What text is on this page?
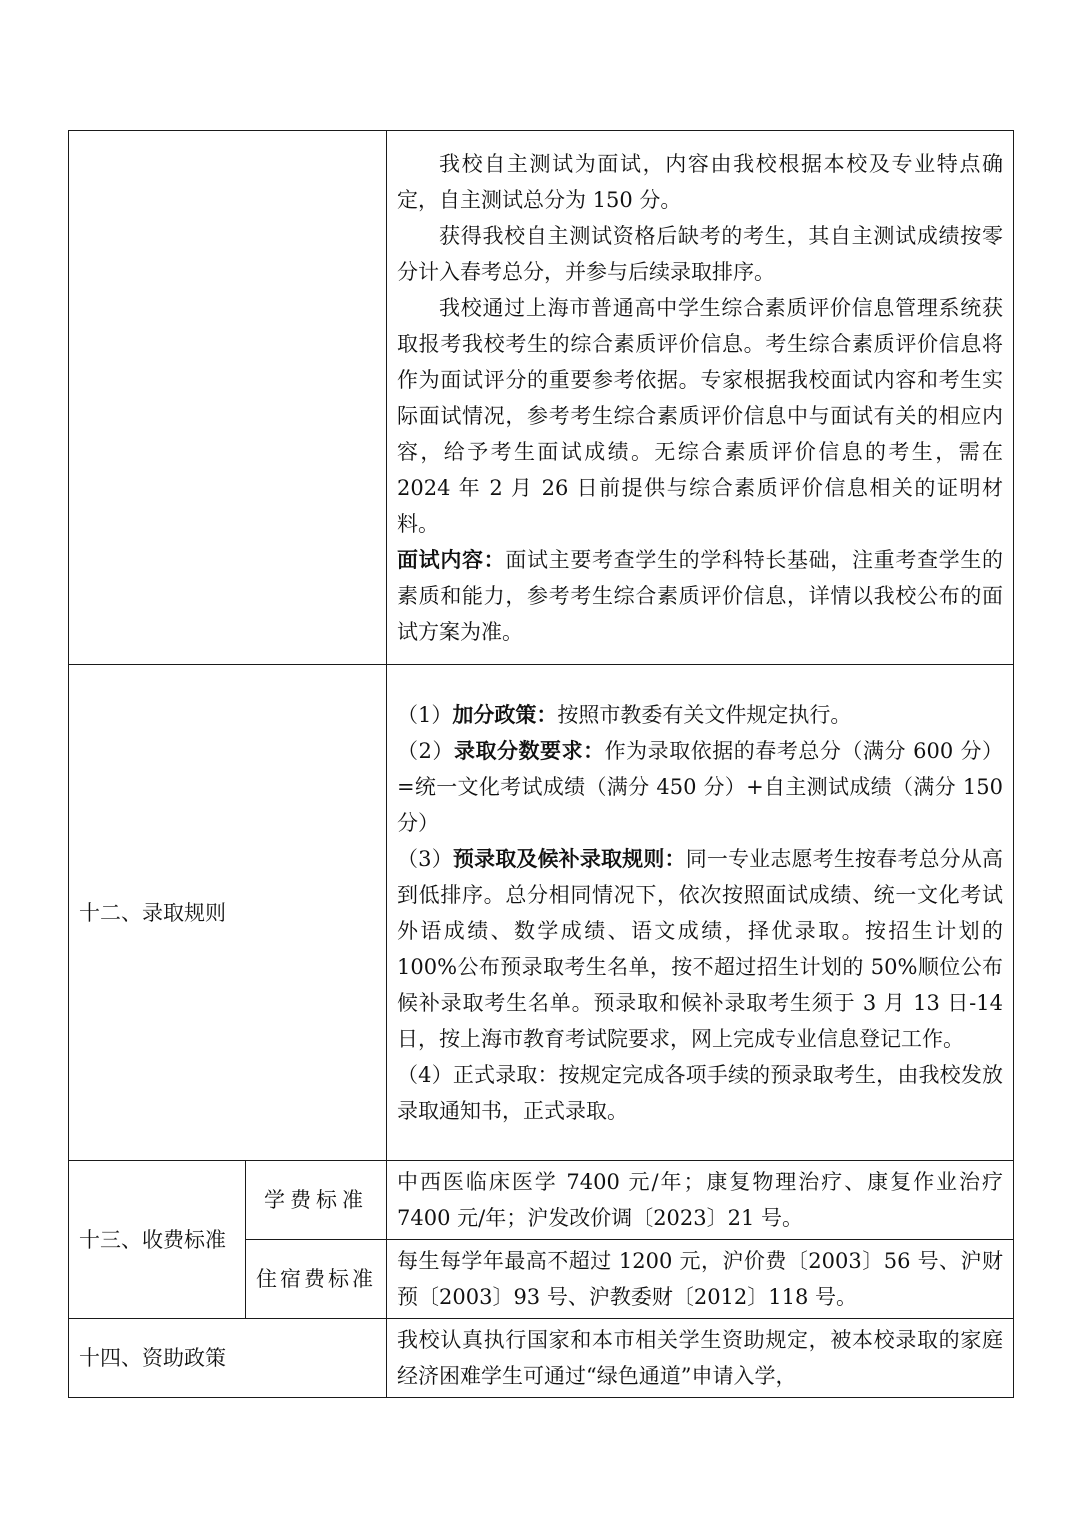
		我校自主测试为面试，内容由我校根据本校及专业特点确定，自主测试总分为 150 分。

获得我校自主测试资格后缺考的考生，其自主测试成绩按零分计入春考总分，并参与后续录取排序。

我校通过上海市普通高中学生综合素质评价信息管理系统获取报考我校考生的综合素质评价信息。考生综合素质评价信息将作为面试评分的重要参考依据。专家根据我校面试内容和考生实际面试情况，参考考生综合素质评价信息中与面试有关的相应内容，给予考生面试成绩。无综合素质评价信息的考生，需在 2024 年 2 月 26 日前提供与综合素质评价信息相关的证明材料。

面试内容：面试主要考查学生的学科特长基础，注重考查学生的素质和能力，参考考生综合素质评价信息，详情以我校公布的面试方案为准。

十二、录取规则		（1）加分政策：按照市教委有关文件规定执行。

（2）录取分数要求：作为录取依据的春考总分（满分 600 分）=统一文化考试成绩（满分 450 分）+自主测试成绩（满分 150 分）

（3）预录取及候补录取规则：同一专业志愿考生按春考总分从高到低排序。总分相同情况下，依次按照面试成绩、统一文化考试外语成绩、数学成绩、语文成绩，择优录取。按招生计划的 100%公布预录取考生名单，按不超过招生计划的 50%顺位公布候补录取考生名单。预录取和候补录取考生须于 3 月 13 日-14 日，按上海市教育考试院要求，网上完成专业信息登记工作。

（4）正式录取：按规定完成各项手续的预录取考生，由我校发放录取通知书，正式录取。

十三、收费标准	学费标准	中西医临床医学 7400 元/年；康复物理治疗、康复作业治疗 7400 元/年；沪发改价调〔2023〕21 号。
	住宿费标准	每生每学年最高不超过 1200 元，沪价费〔2003〕56 号、沪财预〔2003〕93 号、沪教委财〔2012〕118 号。
十四、资助政策		我校认真执行国家和本市相关学生资助规定，被本校录取的家庭经济困难学生可通过“绿色通道”申请入学，
